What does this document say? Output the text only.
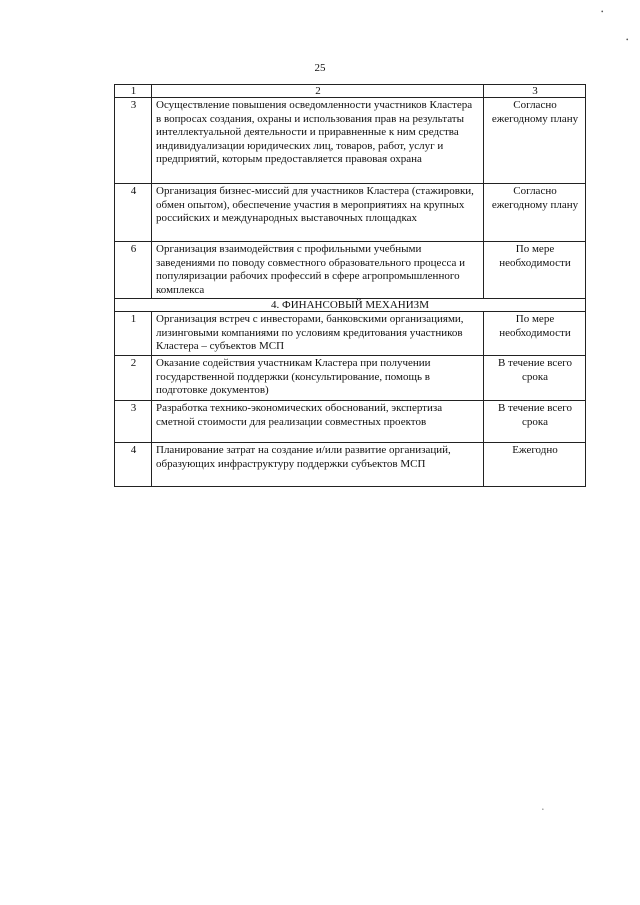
•
•
•
25
1	2	3
3	Осуществление повышения осведомленности участников Кластера в вопросах создания, охраны и использования прав на результаты интеллектуальной деятельности и приравненные к ним средства индивидуализации юридических лиц, товаров, работ, услуг и предприятий, которым предоставляется правовая охрана	Согласно ежегодному плану
4	Организация бизнес-миссий для участников Кластера (стажировки, обмен опытом), обеспечение участия в мероприятиях на крупных российских и международных выставочных площадках	Согласно ежегодному плану
6	Организация взаимодействия с профильными учебными заведениями по поводу совместного образовательного процесса и популяризации рабочих профессий в сфере агропромышленного комплекса	По мере необходимости
4. ФИНАНСОВЫЙ МЕХАНИЗМ		
1	Организация встреч с инвесторами, банковскими организациями, лизинговыми компаниями по условиям кредитования участников Кластера – субъектов МСП	По мере необходимости
2	Оказание содействия участникам Кластера при получении государственной поддержки (консультирование, помощь в подготовке документов)	В течение всего срока
3	Разработка технико-экономических обоснований, экспертиза сметной стоимости для реализации совместных проектов	В течение всего срока
4	Планирование затрат на создание и/или развитие организаций, образующих инфраструктуру поддержки субъектов МСП	Ежегодно
